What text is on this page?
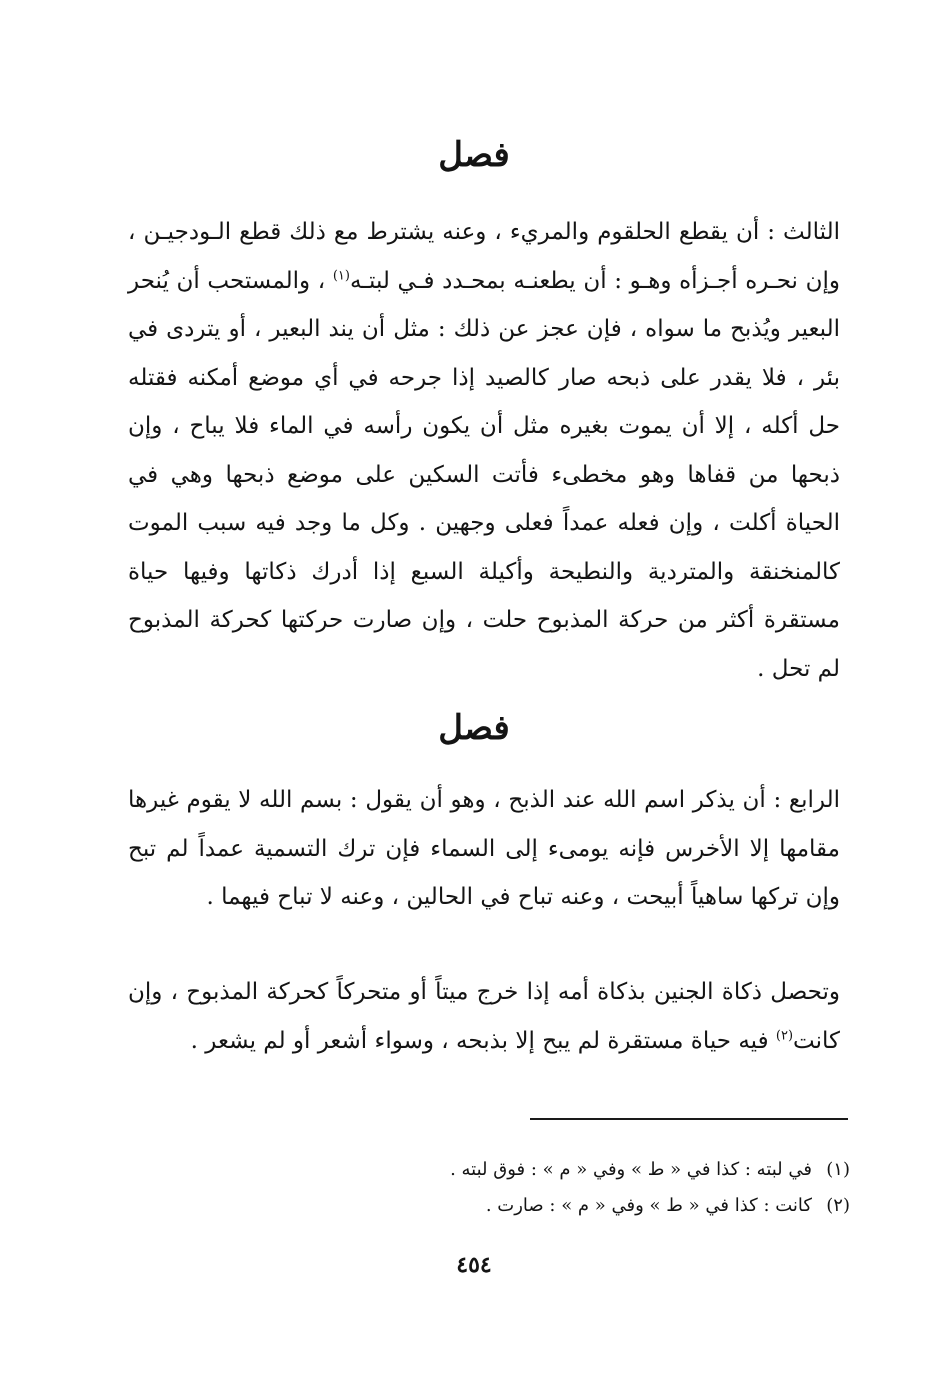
فصل

الثالث : أن يقطع الحلقوم والمريء ، وعنه يشترط مع ذلك قطع الـودجيـن ، وإن نحـره أجـزأه وهـو : أن يطعنـه بمحـدد فـي لبتـه$^{(١)}$ ، والمستحب أن يُنحر البعير ويُذبح ما سواه ، فإن عجز عن ذلك : مثل أن يند البعير ، أو يتردى في بئر ، فلا يقدر على ذبحه صار كالصيد إذا جرحه في أي موضع أمكنه فقتله حل أكله ، إلا أن يموت بغيره مثل أن يكون رأسه في الماء فلا يباح ، وإن ذبحها من قفاها وهو مخطىء فأتت السكين على موضع ذبحها وهي في الحياة أكلت ، وإن فعله عمداً فعلى وجهين . وكل ما وجد فيه سبب الموت كالمنخنقة والمتردية والنطيحة وأكيلة السبع إذا أدرك ذكاتها وفيها حياة مستقرة أكثر من حركة المذبوح حلت ، وإن صارت حركتها كحركة المذبوح لم تحل .

فصل

الرابع : أن يذكر اسم الله عند الذبح ، وهو أن يقول : بسم الله لا يقوم غيرها مقامها إلا الأخرس فإنه يومىء إلى السماء فإن ترك التسمية عمداً لم تبح وإن تركها ساهياً أبيحت ، وعنه تباح في الحالين ، وعنه لا تباح فيهما .

وتحصل ذكاة الجنين بذكاة أمه إذا خرج ميتاً أو متحركاً كحركة المذبوح ، وإن كانت$^{(٢)}$ فيه حياة مستقرة لم يبح إلا بذبحه ، وسواء أشعر أو لم يشعر .

(١)في لبته : كذا في « ط » وفي « م » : فوق لبته .
(٢)كانت : كذا في « ط » وفي « م » : صارت .
٤٥٤
